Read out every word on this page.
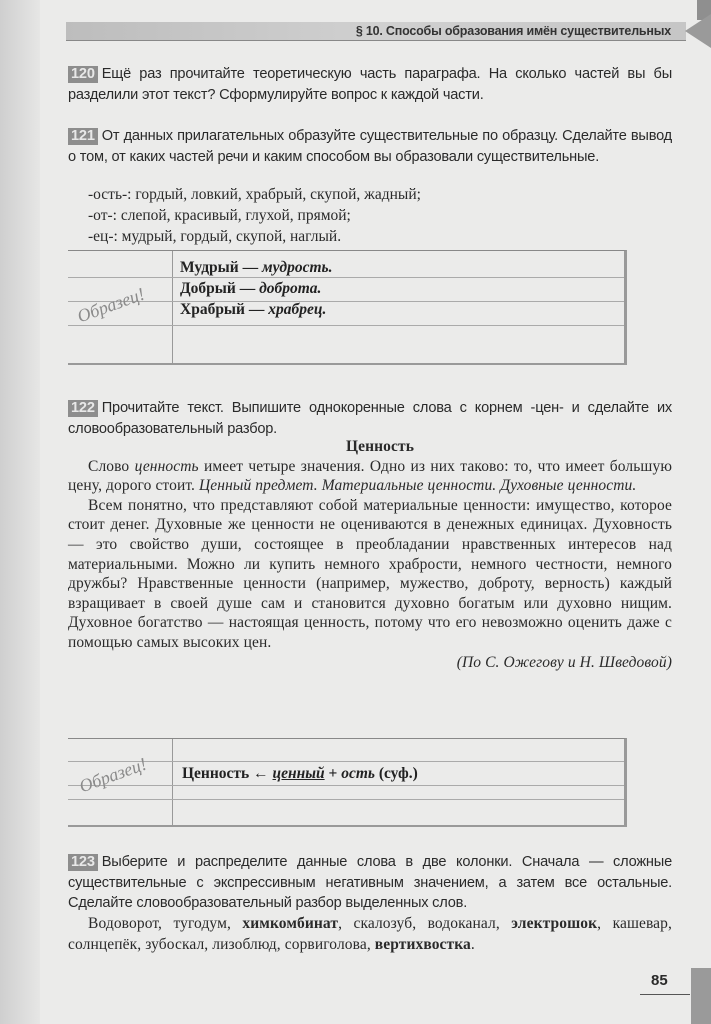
§ 10. Способы образования имён существительных
120 Ещё раз прочитайте теоретическую часть параграфа. На сколько частей вы бы разделили этот текст? Сформулируйте вопрос к каждой части.
121 От данных прилагательных образуйте существительные по образцу. Сделайте вывод о том, от каких частей речи и каким способом вы образовали существительные.
-ость-: гордый, ловкий, храбрый, скупой, жадный;
-от-: слепой, красивый, глухой, прямой;
-ец-: мудрый, гордый, скупой, наглый.
Образец!
Мудрый — мудрость.
Добрый — доброта.
Храбрый — храбрец.
122 Прочитайте текст. Выпишите однокоренные слова с корнем -цен- и сделайте их словообразовательный разбор.

Ценность

Слово ценность имеет четыре значения. Одно из них таково: то, что имеет большую цену, дорого стоит. Ценный предмет. Материальные ценности. Духовные ценности.

Всем понятно, что представляют собой материальные ценности: имущество, которое стоит денег. Духовные же ценности не оцениваются в денежных единицах. Духовность — это свойство души, состоящее в преобладании нравственных интересов над материальными. Можно ли купить немного храбрости, немного честности, немного дружбы? Нравственные ценности (например, мужество, доброту, верность) каждый взращивает в своей душе сам и становится духовно богатым или духовно нищим. Духовное богатство — настоящая ценность, потому что его невозможно оценить даже с помощью самых высоких цен.

(По С. Ожегову и Н. Шведовой)
Образец! Ценность ← ценный + ость (суф.)
123 Выберите и распределите данные слова в две колонки. Сначала — сложные существительные с экспрессивным негативным значением, а затем все остальные. Сделайте словообразовательный разбор выделенных слов.

Водоворот, тугодум, химкомбинат, скалозуб, водоканал, электрошок, кашевар, солнцепёк, зубоскал, лизоблюд, сорвиголова, вертихвостка.

85
